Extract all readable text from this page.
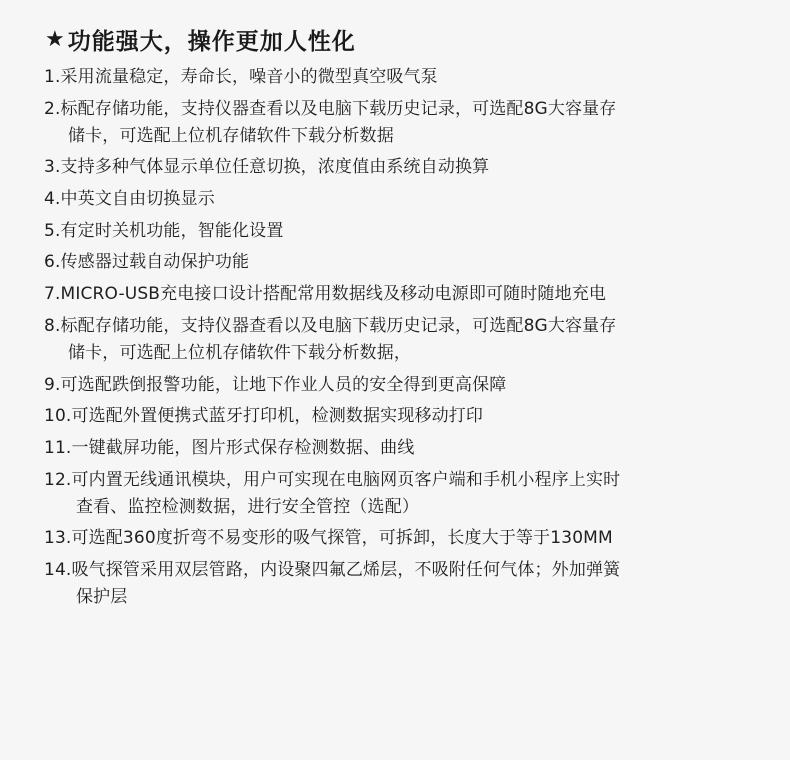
★ 功能强大，操作更加人性化
1.采用流量稳定，寿命长，噪音小的微型真空吸气泵
2.标配存储功能，支持仪器查看以及电脑下载历史记录，可选配8G大容量存
储卡，可选配上位机存储软件下载分析数据
3.支持多种气体显示单位任意切换，浓度值由系统自动换算
4.中英文自由切换显示
5.有定时关机功能，智能化设置
6.传感器过载自动保护功能
7.MICRO-USB充电接口设计搭配常用数据线及移动电源即可随时随地充电
8.标配存储功能，支持仪器查看以及电脑下载历史记录，可选配8G大容量存
储卡，可选配上位机存储软件下载分析数据，
9.可选配跌倒报警功能，让地下作业人员的安全得到更高保障
10.可选配外置便携式蓝牙打印机，检测数据实现移动打印
11.一键截屏功能，图片形式保存检测数据、曲线
12.可内置无线通讯模块，用户可实现在电脑网页客户端和手机小程序上实时
查看、监控检测数据，进行安全管控（选配）
13.可选配360度折弯不易变形的吸气探管，可拆卸，长度大于等于130MM
14.吸气探管采用双层管路，内设聚四氟乙烯层，不吸附任何气体；外加弹簧
保护层
